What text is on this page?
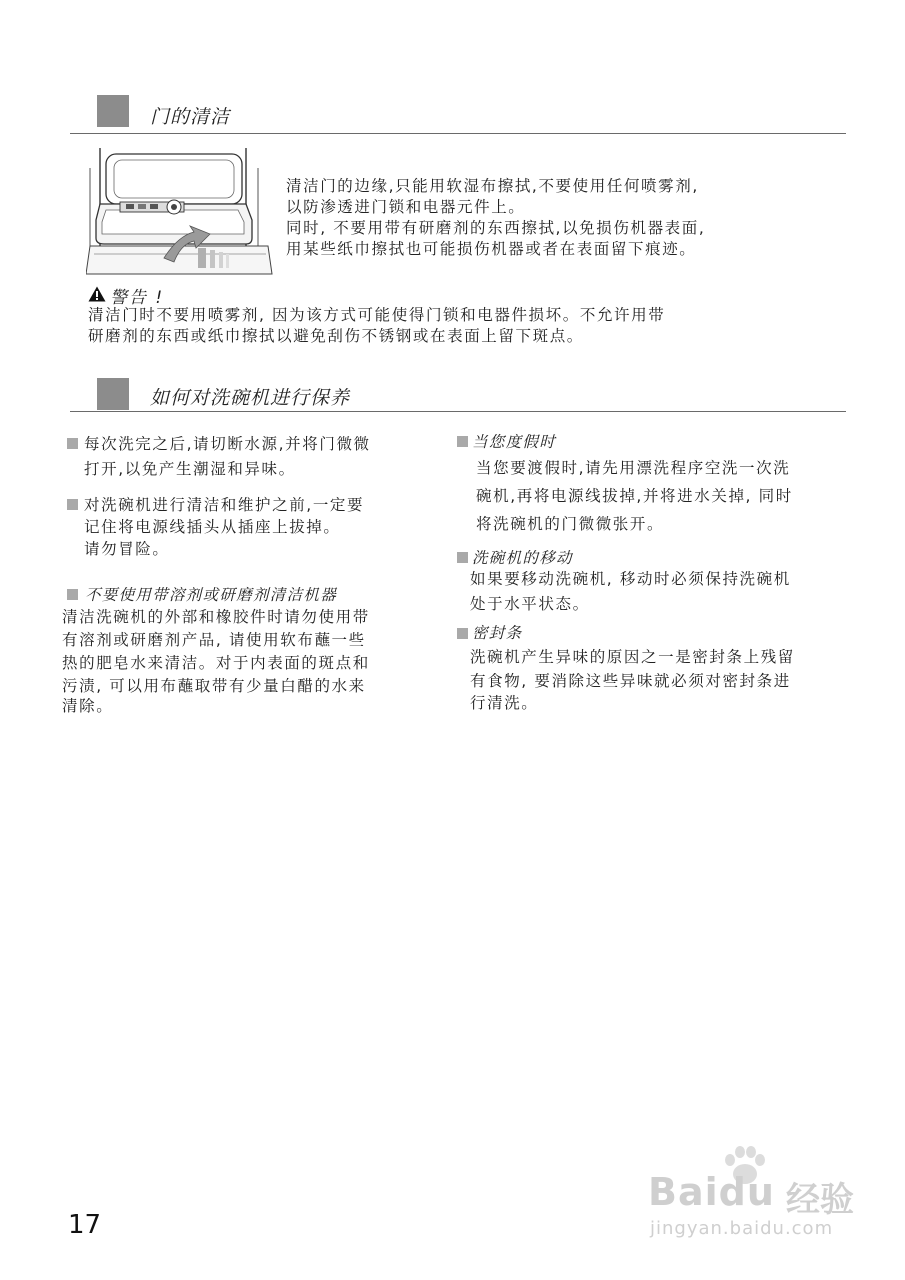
门的清洁
清洁门的边缘,只能用软湿布擦拭,不要使用任何喷雾剂,
以防渗透进门锁和电器元件上。
同时, 不要用带有研磨剂的东西擦拭,以免损伤机器表面,
用某些纸巾擦拭也可能损伤机器或者在表面留下痕迹。
警告 !
清洁门时不要用喷雾剂, 因为该方式可能使得门锁和电器件损坏。不允许用带
研磨剂的东西或纸巾擦拭以避免刮伤不锈钢或在表面上留下斑点。
如何对洗碗机进行保养
每次洗完之后,请切断水源,并将门微微
打开,以免产生潮湿和异味。
对洗碗机进行清洁和维护之前,一定要
记住将电源线插头从插座上拔掉。
请勿冒险。
不要使用带溶剂或研磨剂清洁机器
清洁洗碗机的外部和橡胶件时请勿使用带
有溶剂或研磨剂产品, 请使用软布蘸一些
热的肥皂水来清洁。对于内表面的斑点和
污渍, 可以用布蘸取带有少量白醋的水来
清除。
当您度假时
当您要渡假时,请先用漂洗程序空洗一次洗
碗机,再将电源线拔掉,并将进水关掉, 同时
将洗碗机的门微微张开。
洗碗机的移动
如果要移动洗碗机, 移动时必须保持洗碗机
处于水平状态。
密封条
洗碗机产生异味的原因之一是密封条上残留
有食物, 要消除这些异味就必须对密封条进
行清洗。
17
Baidu 经验
jingyan.baidu.com
